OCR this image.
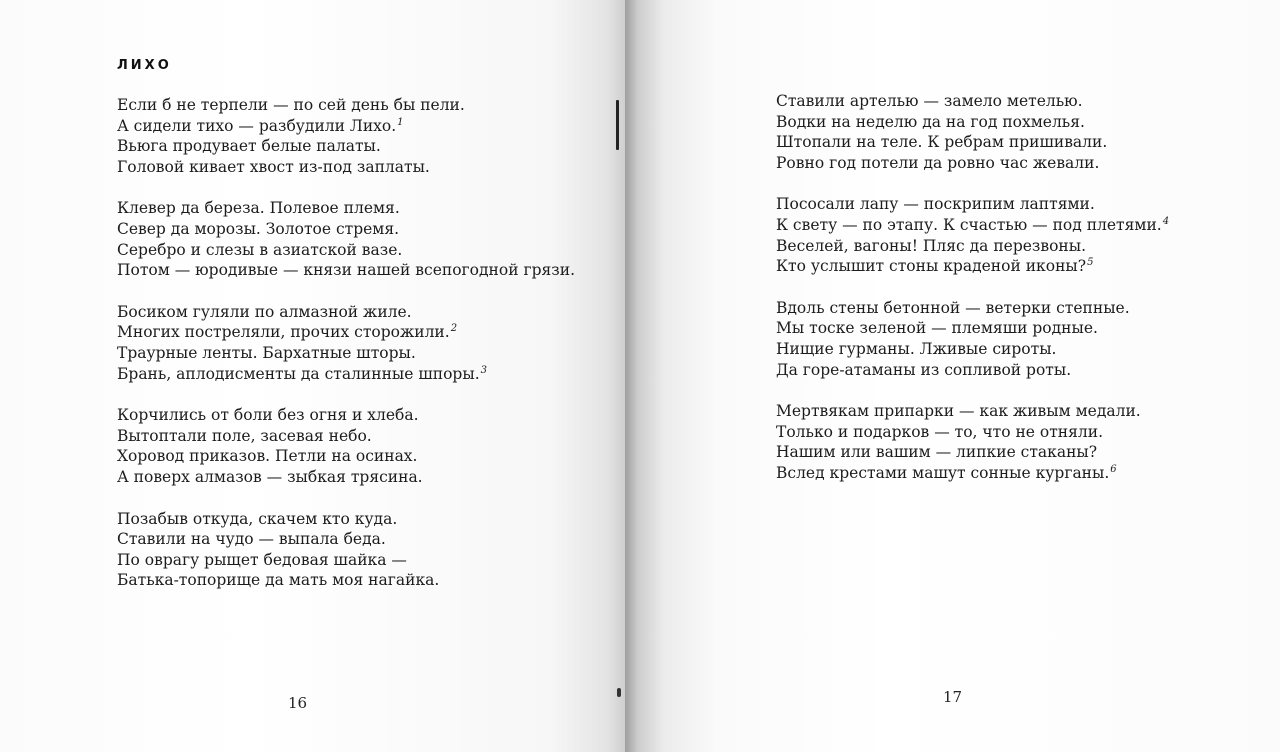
ЛИХО
Если б не терпели — по сей день бы пели.
А сидели тихо — разбудили Лихо.$^1$
Вьюга продувает белые палаты.
Головой кивает хвост из-под заплаты.
Клевер да береза. Полевое племя.
Север да морозы. Золотое стремя.
Серебро и слезы в азиатской вазе.
Потом — юродивые — князи нашей всепогодной грязи.
Босиком гуляли по алмазной жиле.
Многих постреляли, прочих сторожили.$^2$
Траурные ленты. Бархатные шторы.
Брань, аплодисменты да сталинные шпоры.$^3$
Корчились от боли без огня и хлеба.
Вытоптали поле, засевая небо.
Хоровод приказов. Петли на осинах.
А поверх алмазов — зыбкая трясина.
Позабыв откуда, скачем кто куда.
Ставили на чудо — выпала беда.
По оврагу рыщет бедовая шайка —
Батька-топорище да мать моя нагайка.
16
Ставили артелью — замело метелью.
Водки на неделю да на год похмелья.
Штопали на теле. К ребрам пришивали.
Ровно год потели да ровно час жевали.
Пососали лапу — поскрипим лаптями.
К свету — по этапу. К счастью — под плетями.$^4$
Веселей, вагоны! Пляс да перезвоны.
Кто услышит стоны краденой иконы?$^5$
Вдоль стены бетонной — ветерки степные.
Мы тоске зеленой — племяши родные.
Нищие гурманы. Лживые сироты.
Да горе-атаманы из сопливой роты.
Мертвякам припарки — как живым медали.
Только и подарков — то, что не отняли.
Нашим или вашим — липкие стаканы?
Вслед крестами машут сонные курганы.$^6$
17
